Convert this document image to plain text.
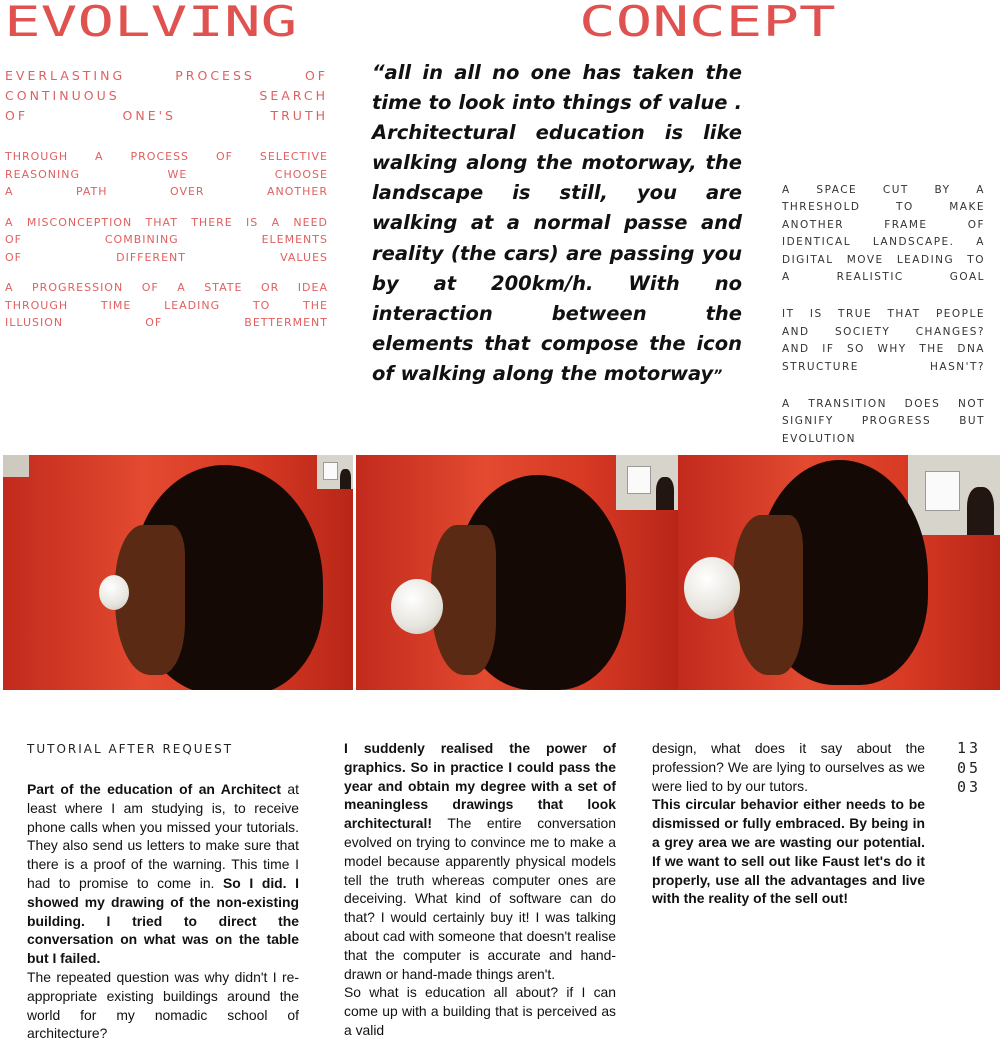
EVOLVING	CONCEPT

EVERLASTING PROCESS OF

CONTINUOUS SEARCH

OF ONE'S TRUTH

THROUGH A PROCESS OF SELECTIVE

REASONING WE CHOOSE

A PATH OVER ANOTHER

A MISCONCEPTION THAT THERE IS A NEED

OF COMBINING ELEMENTS

OF DIFFERENT VALUES

A PROGRESSION OF A STATE OR IDEA

THROUGH TIME LEADING TO THE

ILLUSION OF BETTERMENT

“all in all no one has taken the time to look into things of value . Architectural education is like walking along the motorway, the landscape is still, you are walking at a normal passe and reality (the cars) are passing you by at 200km/h. With no interaction between the elements that compose the icon of walking along the motorway”

A SPACE CUT BY A

THRESHOLD TO MAKE

ANOTHER FRAME OF

IDENTICAL LANDSCAPE. A

DIGITAL MOVE LEADING TO

A REALISTIC GOAL

IT IS TRUE THAT PEOPLE

AND SOCIETY CHANGES?

AND IF SO WHY THE DNA

STRUCTURE HASN'T?

A TRANSITION DOES NOT

SIGNIFY PROGRESS BUT

EVOLUTION

TUTORIAL AFTER REQUEST

Part of the education of an Architect at least where I am studying is, to receive phone calls when you missed your tutorials. They also send us letters to make sure that there is a proof of the warning. This time I had to promise to come in. So I did. I showed my drawing of the non-existing building. I tried to direct the conversation on what was on the table but I failed.

The repeated question was why didn't I re-appropriate existing buildings around the world for my nomadic school of architecture?

I suddenly realised the power of graphics. So in practice I could pass the year and obtain my degree with a set of meaningless drawings that look architectural! The entire conversation evolved on trying to convince me to make a model because apparently physical models tell the truth whereas computer ones are deceiving. What kind of software can do that? I would certainly buy it! I was talking about cad with someone that doesn't realise that the computer is accurate and hand-drawn or hand-made things aren't.

So what is education all about? if I can come up with a building that is perceived as a valid

design, what does it say about the profession? We are lying to ourselves as we were lied to by our tutors.

This circular behavior either needs to be dismissed or fully embraced. By being in a grey area we are wasting our potential. If we want to sell out like Faust let's do it properly, use all the advantages and live with the reality of the sell out!

13
05
03
